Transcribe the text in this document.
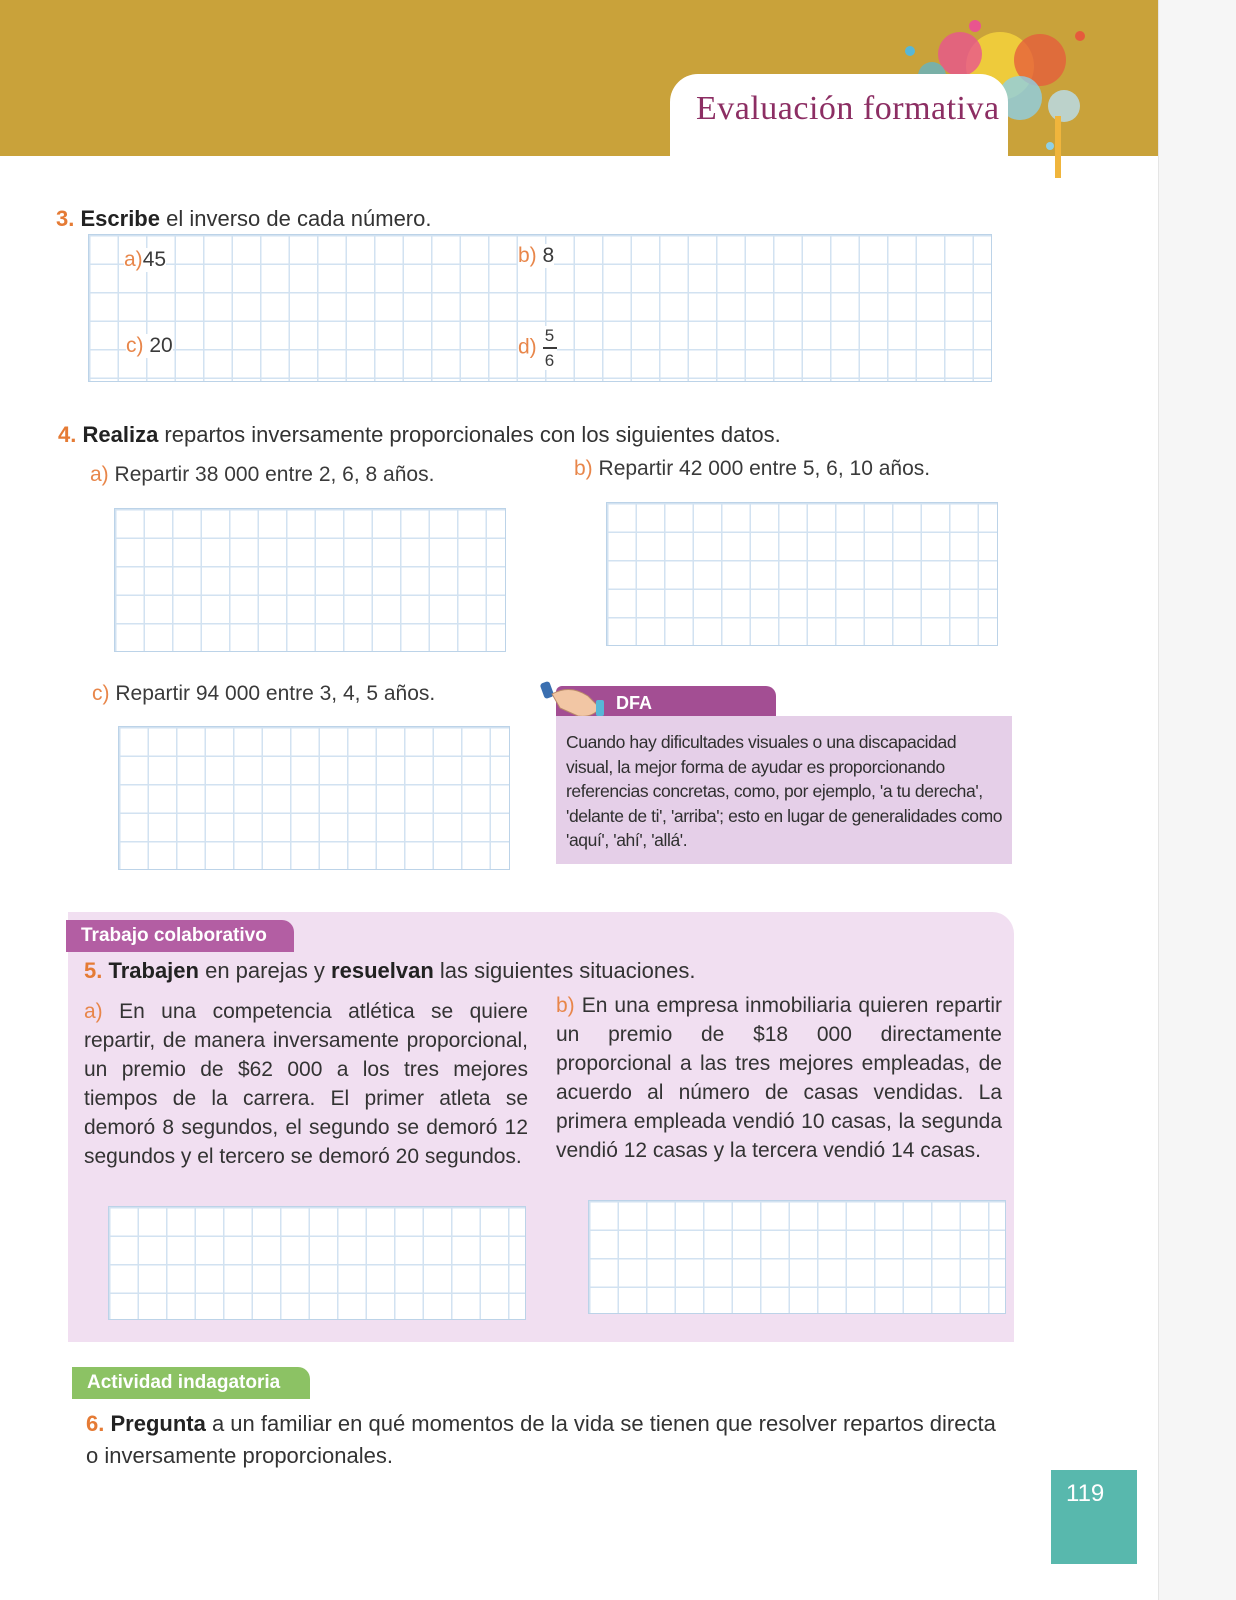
Evaluación formativa
3. Escribe el inverso de cada número.
a)45	b) 8
c) 20	$d) \frac{5}{6}$
4. Realiza repartos inversamente proporcionales con los siguientes datos.
a) Repartir 38 000 entre 2, 6, 8 años.	b) Repartir 42 000 entre 5, 6, 10 años.
c) Repartir 94 000 entre 3, 4, 5 años.	DFA
Cuando hay dificultades visuales o una discapacidad visual, la mejor forma de ayudar es proporcionando referencias concretas, como, por ejemplo, 'a tu derecha', 'delante de ti', 'arriba'; esto en lugar de generalidades como 'aquí', 'ahí', 'allá'.
Trabajo colaborativo
5. Trabajen en parejas y resuelvan las siguientes situaciones.
a) En una competencia atlética se quiere repartir, de manera inversamente proporcional, un premio de $62 000 a los tres mejores tiempos de la carrera. El primer atleta se demoró 8 segundos, el segundo se demoró 12 segundos y el tercero se demoró 20 segundos.
b) En una empresa inmobiliaria quieren repartir un premio de $18 000 directamente proporcional a las tres mejores empleadas, de acuerdo al número de casas vendidas. La primera empleada vendió 10 casas, la segunda vendió 12 casas y la tercera vendió 14 casas.
Actividad indagatoria
6. Pregunta a un familiar en qué momentos de la vida se tienen que resolver repartos directa o inversamente proporcionales.
119
